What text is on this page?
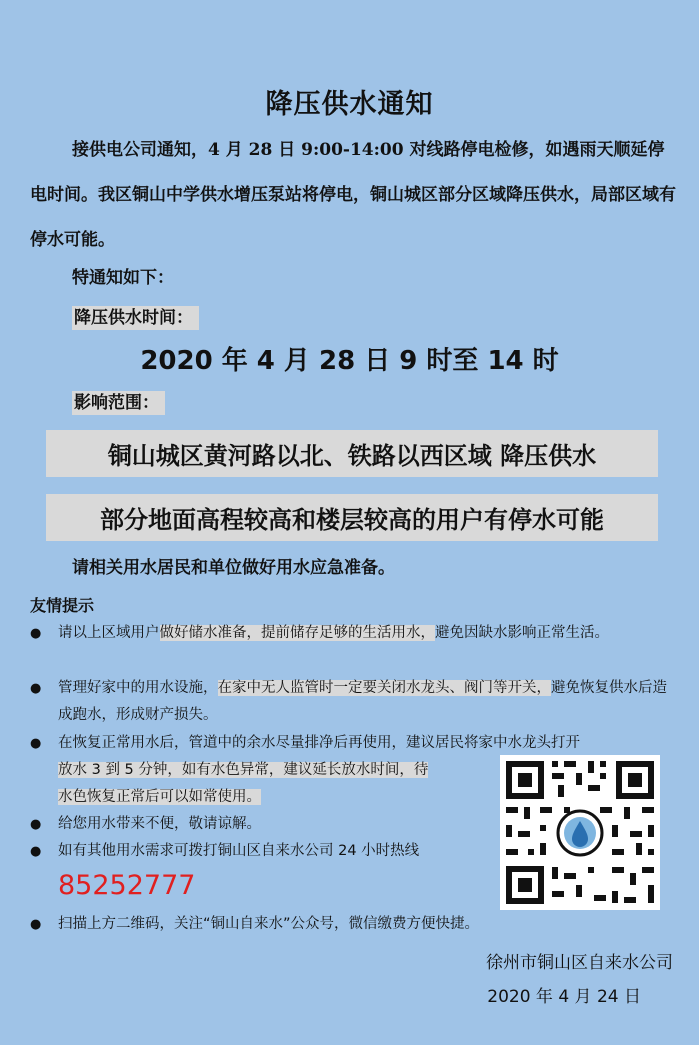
降压供水通知
接供电公司通知，4 月 28 日 9:00-14:00 对线路停电检修，如遇雨天顺延停电时间。我区铜山中学供水增压泵站将停电，铜山城区部分区域降压供水，局部区域有停水可能。
特通知如下：
降压供水时间：
2020 年 4 月 28 日 9 时至 14 时
影响范围：
铜山城区黄河路以北、铁路以西区域 降压供水
部分地面高程较高和楼层较高的用户有停水可能
请相关用水居民和单位做好用水应急准备。
友情提示
● 请以上区域用户做好储水准备，提前储存足够的生活用水，避免因缺水影响正常生活。
● 管理好家中的用水设施，在家中无人监管时一定要关闭水龙头、阀门等开关，避免恢复供水后造成跑水，形成财产损失。
● 在恢复正常用水后，管道中的余水尽量排净后再使用，建议居民将家中水龙头打开
放水 3 到 5 分钟，如有水色异常，建议延长放水时间，待
水色恢复正常后可以如常使用。
● 给您用水带来不便，敬请谅解。
● 如有其他用水需求可拨打铜山区自来水公司 24 小时热线
85252777
● 扫描上方二维码，关注“铜山自来水”公众号，微信缴费方便快捷。
徐州市铜山区自来水公司
2020 年 4 月 24 日
